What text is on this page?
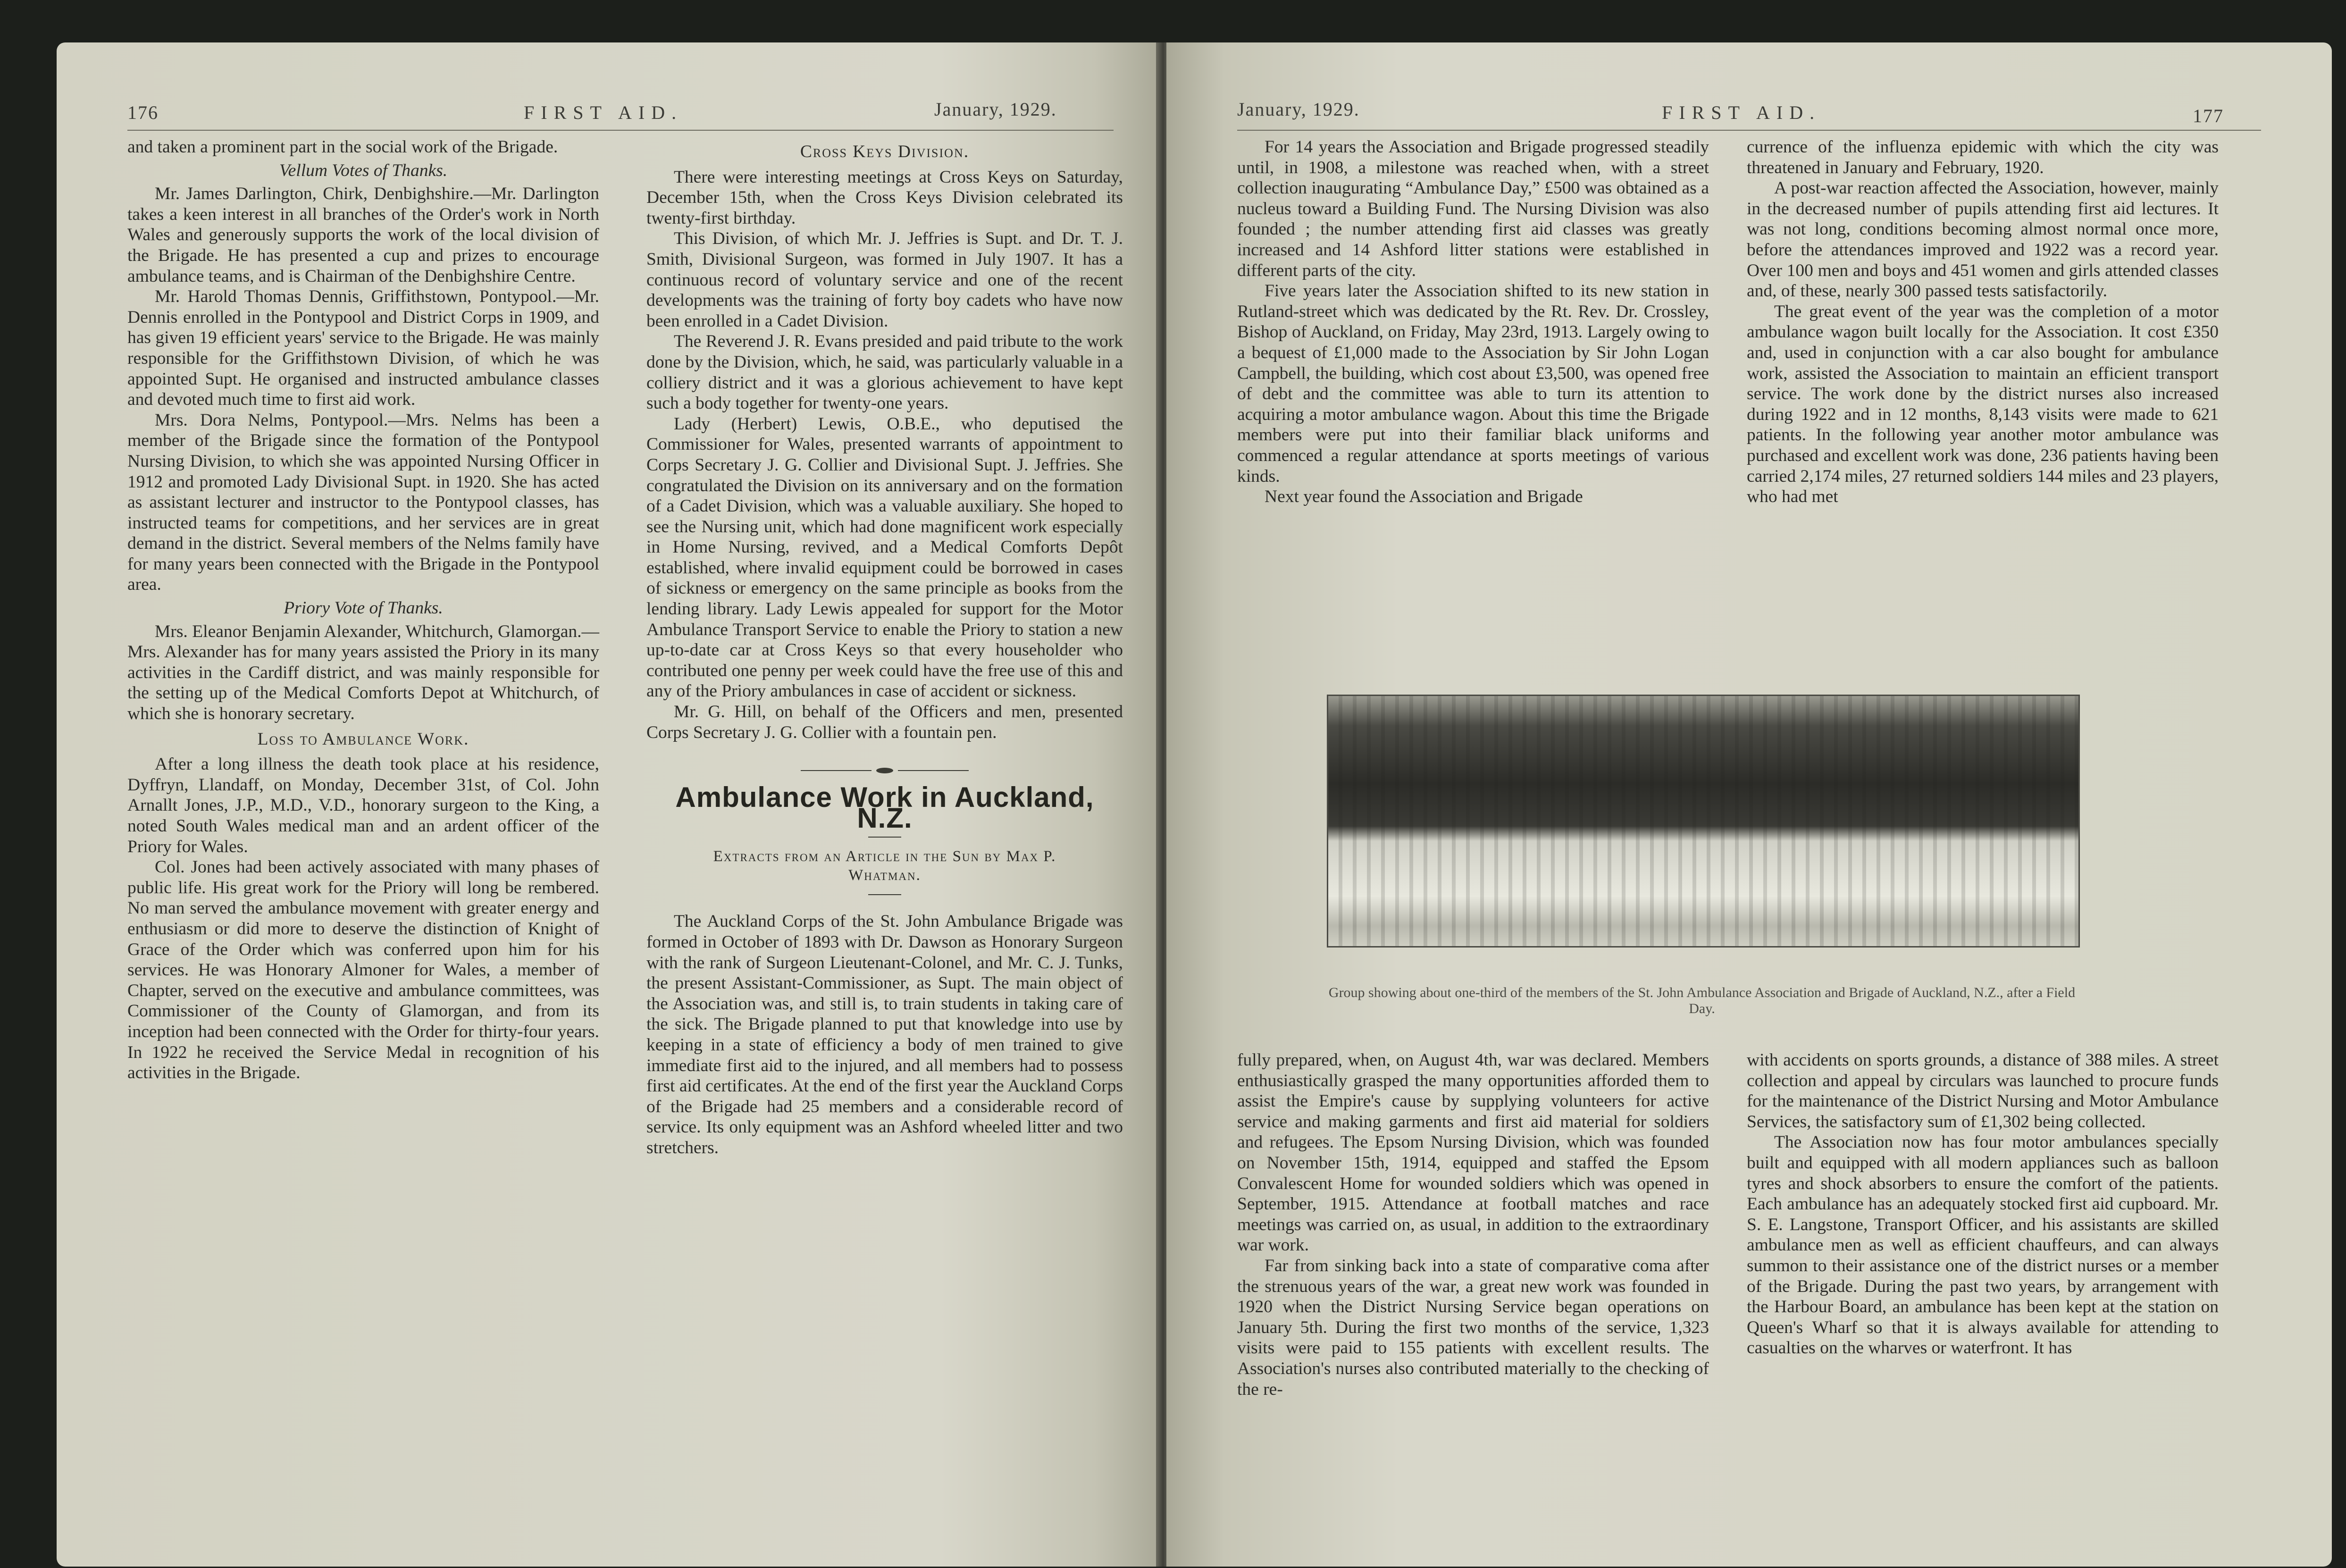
176	FIRST AID.	January, 1929.

and taken a prominent part in the social work of the Brigade.

Vellum Votes of Thanks.

Mr. James Darlington, Chirk, Denbighshire.—Mr. Darlington takes a keen interest in all branches of the Order's work in North Wales and generously supports the work of the local division of the Brigade. He has presented a cup and prizes to encourage ambulance teams, and is Chairman of the Denbighshire Centre.

Mr. Harold Thomas Dennis, Griffithstown, Pontypool.—Mr. Dennis enrolled in the Pontypool and District Corps in 1909, and has given 19 efficient years' service to the Brigade. He was mainly responsible for the Griffithstown Division, of which he was appointed Supt. He organised and instructed ambulance classes and devoted much time to first aid work.

Mrs. Dora Nelms, Pontypool.—Mrs. Nelms has been a member of the Brigade since the formation of the Pontypool Nursing Division, to which she was appointed Nursing Officer in 1912 and promoted Lady Divisional Supt. in 1920. She has acted as assistant lecturer and instructor to the Pontypool classes, has instructed teams for competitions, and her services are in great demand in the district. Several members of the Nelms family have for many years been connected with the Brigade in the Pontypool area.

Priory Vote of Thanks.

Mrs. Eleanor Benjamin Alexander, Whitchurch, Glamorgan.—Mrs. Alexander has for many years assisted the Priory in its many activities in the Cardiff district, and was mainly responsible for the setting up of the Medical Comforts Depot at Whitchurch, of which she is honorary secretary.

Loss to Ambulance Work.

After a long illness the death took place at his residence, Dyffryn, Llandaff, on Monday, December 31st, of Col. John Arnallt Jones, J.P., M.D., V.D., honorary surgeon to the King, a noted South Wales medical man and an ardent officer of the Priory for Wales.

Col. Jones had been actively associated with many phases of public life. His great work for the Priory will long be rembered. No man served the ambulance movement with greater energy and enthusiasm or did more to deserve the distinction of Knight of Grace of the Order which was conferred upon him for his services. He was Honorary Almoner for Wales, a member of Chapter, served on the executive and ambulance committees, was Commissioner of the County of Glamorgan, and from its inception had been connected with the Order for thirty-four years. In 1922 he received the Service Medal in recognition of his activities in the Brigade.

Cross Keys Division.

There were interesting meetings at Cross Keys on Saturday, December 15th, when the Cross Keys Division celebrated its twenty-first birthday.

This Division, of which Mr. J. Jeffries is Supt. and Dr. T. J. Smith, Divisional Surgeon, was formed in July 1907. It has a continuous record of voluntary service and one of the recent developments was the training of forty boy cadets who have now been enrolled in a Cadet Division.

The Reverend J. R. Evans presided and paid tribute to the work done by the Division, which, he said, was particularly valuable in a colliery district and it was a glorious achievement to have kept such a body together for twenty-one years.

Lady (Herbert) Lewis, O.B.E., who deputised the Commissioner for Wales, presented warrants of appointment to Corps Secretary J. G. Collier and Divisional Supt. J. Jeffries. She congratulated the Division on its anniversary and on the formation of a Cadet Division, which was a valuable auxiliary. She hoped to see the Nursing unit, which had done magnificent work especially in Home Nursing, revived, and a Medical Comforts Depôt established, where invalid equipment could be borrowed in cases of sickness or emergency on the same principle as books from the lending library. Lady Lewis appealed for support for the Motor Ambulance Transport Service to enable the Priory to station a new up-to-date car at Cross Keys so that every householder who contributed one penny per week could have the free use of this and any of the Priory ambulances in case of accident or sickness.

Mr. G. Hill, on behalf of the Officers and men, presented Corps Secretary J. G. Collier with a fountain pen.

Ambulance Work in Auckland, N.Z.
Extracts from an Article in the Sun by Max P. Whatman.

The Auckland Corps of the St. John Ambulance Brigade was formed in October of 1893 with Dr. Dawson as Honorary Surgeon with the rank of Surgeon Lieutenant-Colonel, and Mr. C. J. Tunks, the present Assistant-Commissioner, as Supt. The main object of the Association was, and still is, to train students in taking care of the sick. The Brigade planned to put that knowledge into use by keeping in a state of efficiency a body of men trained to give immediate first aid to the injured, and all members had to possess first aid certificates. At the end of the first year the Auckland Corps of the Brigade had 25 members and a considerable record of service. Its only equipment was an Ashford wheeled litter and two stretchers.

January, 1929.	FIRST AID.	177

For 14 years the Association and Brigade progressed steadily until, in 1908, a milestone was reached when, with a street collection inaugurating “Ambulance Day,” £500 was obtained as a nucleus toward a Building Fund. The Nursing Division was also founded ; the number attending first aid classes was greatly increased and 14 Ashford litter stations were established in different parts of the city.

Five years later the Association shifted to its new station in Rutland-street which was dedicated by the Rt. Rev. Dr. Crossley, Bishop of Auckland, on Friday, May 23rd, 1913. Largely owing to a bequest of £1,000 made to the Association by Sir John Logan Campbell, the building, which cost about £3,500, was opened free of debt and the committee was able to turn its attention to acquiring a motor ambulance wagon. About this time the Brigade members were put into their familiar black uniforms and commenced a regular attendance at sports meetings of various kinds.

Next year found the Association and Brigade

currence of the influenza epidemic with which the city was threatened in January and February, 1920.

A post-war reaction affected the Association, however, mainly in the decreased number of pupils attending first aid lectures. It was not long, conditions becoming almost normal once more, before the attendances improved and 1922 was a record year. Over 100 men and boys and 451 women and girls attended classes and, of these, nearly 300 passed tests satisfactorily.

The great event of the year was the completion of a motor ambulance wagon built locally for the Association. It cost £350 and, used in conjunction with a car also bought for ambulance work, assisted the Association to maintain an efficient transport service. The work done by the district nurses also increased during 1922 and in 12 months, 8,143 visits were made to 621 patients. In the following year another motor ambulance was purchased and excellent work was done, 236 patients having been carried 2,174 miles, 27 returned soldiers 144 miles and 23 players, who had met

fully prepared, when, on August 4th, war was declared. Members enthusiastically grasped the many opportunities afforded them to assist the Empire's cause by supplying volunteers for active service and making garments and first aid material for soldiers and refugees. The Epsom Nursing Division, which was founded on November 15th, 1914, equipped and staffed the Epsom Convalescent Home for wounded soldiers which was opened in September, 1915. Attendance at football matches and race meetings was carried on, as usual, in addition to the extraordinary war work.

Far from sinking back into a state of comparative coma after the strenuous years of the war, a great new work was founded in 1920 when the District Nursing Service began operations on January 5th. During the first two months of the service, 1,323 visits were paid to 155 patients with excellent results. The Association's nurses also contributed materially to the checking of the re-

with accidents on sports grounds, a distance of 388 miles. A street collection and appeal by circulars was launched to procure funds for the maintenance of the District Nursing and Motor Ambulance Services, the satisfactory sum of £1,302 being collected.

The Association now has four motor ambulances specially built and equipped with all modern appliances such as balloon tyres and shock absorbers to ensure the comfort of the patients. Each ambulance has an adequately stocked first aid cupboard. Mr. S. E. Langstone, Transport Officer, and his assistants are skilled ambulance men as well as efficient chauffeurs, and can always summon to their assistance one of the district nurses or a member of the Brigade. During the past two years, by arrangement with the Harbour Board, an ambulance has been kept at the station on Queen's Wharf so that it is always available for attending to casualties on the wharves or waterfront. It has

Group showing about one-third of the members of the St. John Ambulance Association and Brigade of Auckland, N.Z., after a Field Day.
